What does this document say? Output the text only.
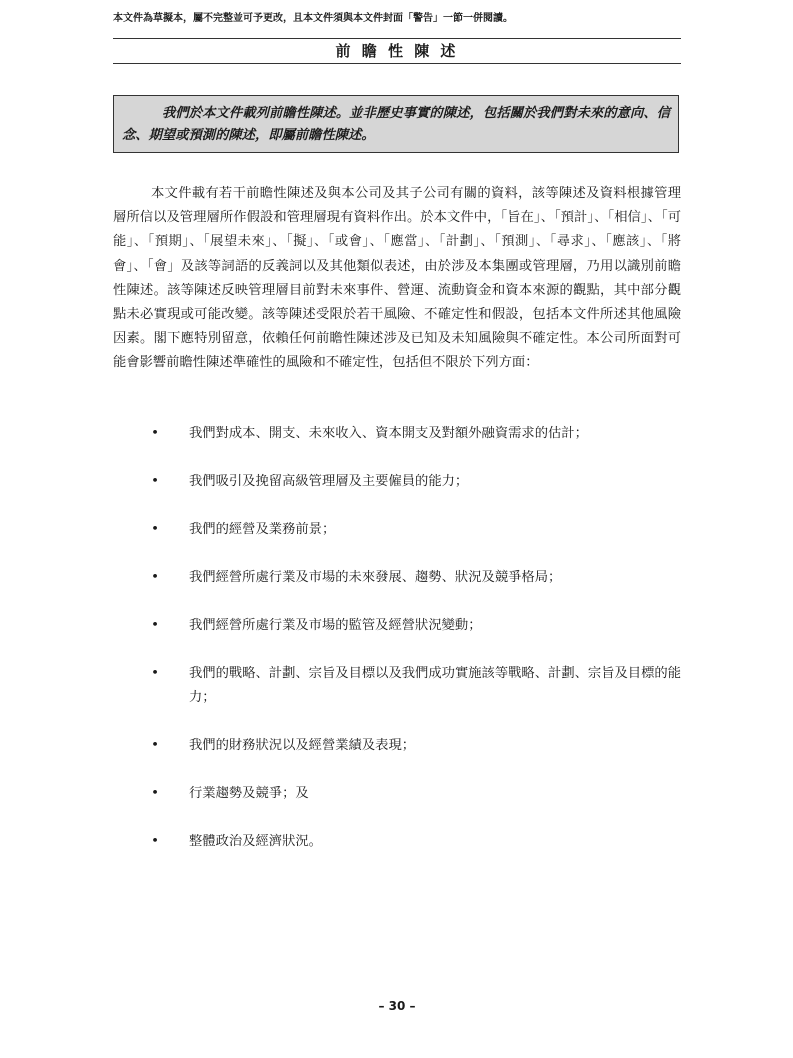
本文件為草擬本，屬不完整並可予更改，且本文件須與本文件封面「警告」一節一併閱讀。
前 瞻 性 陳 述
我們於本文件載列前瞻性陳述。並非歷史事實的陳述，包括關於我們對未來的意向、信念、期望或預測的陳述，即屬前瞻性陳述。

本文件載有若干前瞻性陳述及與本公司及其子公司有關的資料，該等陳述及資料根據管理層所信以及管理層所作假設和管理層現有資料作出。於本文件中，「旨在」、「預計」、「相信」、「可能」、「預期」、「展望未來」、「擬」、「或會」、「應當」、「計劃」、「預測」、「尋求」、「應該」、「將會」、「會」及該等詞語的反義詞以及其他類似表述，由於涉及本集團或管理層，乃用以識別前瞻性陳述。該等陳述反映管理層目前對未來事件、營運、流動資金和資本來源的觀點，其中部分觀點未必實現或可能改變。該等陳述受限於若干風險、不確定性和假設，包括本文件所述其他風險因素。閣下應特別留意，依賴任何前瞻性陳述涉及已知及未知風險與不確定性。本公司所面對可能會影響前瞻性陳述準確性的風險和不確定性，包括但不限於下列方面：

• 我們對成本、開支、未來收入、資本開支及對額外融資需求的估計；
• 我們吸引及挽留高級管理層及主要僱員的能力；
• 我們的經營及業務前景；
• 我們經營所處行業及市場的未來發展、趨勢、狀況及競爭格局；
• 我們經營所處行業及市場的監管及經營狀況變動；
• 我們的戰略、計劃、宗旨及目標以及我們成功實施該等戰略、計劃、宗旨及目標的能力；
• 我們的財務狀況以及經營業績及表現；
• 行業趨勢及競爭；及
• 整體政治及經濟狀況。
– 30 –
